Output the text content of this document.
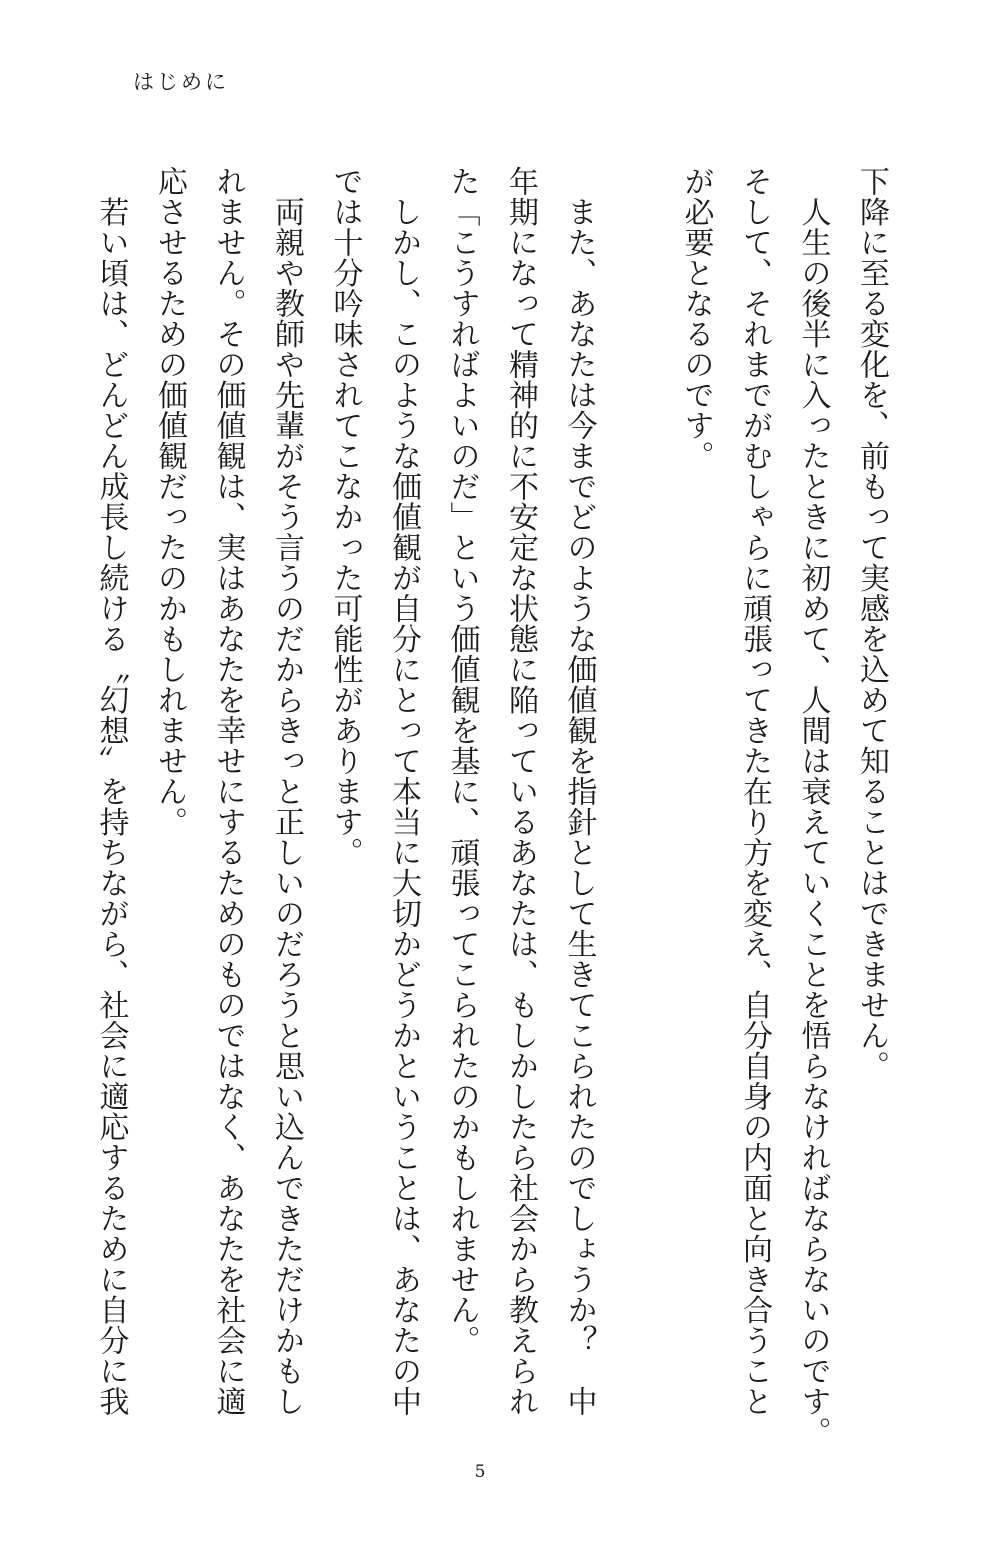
はじめに
下降に至る変化を、前もって実感を込めて知ることはできません。
　人生の後半に入ったときに初めて、人間は衰えていくことを悟らなければならないのです。
そして、それまでがむしゃらに頑張ってきた在り方を変え、自分自身の内面と向き合うこと
が必要となるのです。

　また、あなたは今までどのような価値観を指針として生きてこられたのでしょうか？　中
年期になって精神的に不安定な状態に陥っているあなたは、もしかしたら社会から教えられ
た「こうすればよいのだ」という価値観を基に、頑張ってこられたのかもしれません。
　しかし、このような価値観が自分にとって本当に大切かどうかということは、あなたの中
では十分吟味されてこなかった可能性があります。
　両親や教師や先輩がそう言うのだからきっと正しいのだろうと思い込んできただけかもし
れません。その価値観は、実はあなたを幸せにするためのものではなく、あなたを社会に適
応させるための価値観だったのかもしれません。
　若い頃は、どんどん成長し続ける〝幻想〟を持ちながら、社会に適応するために自分に我
5
